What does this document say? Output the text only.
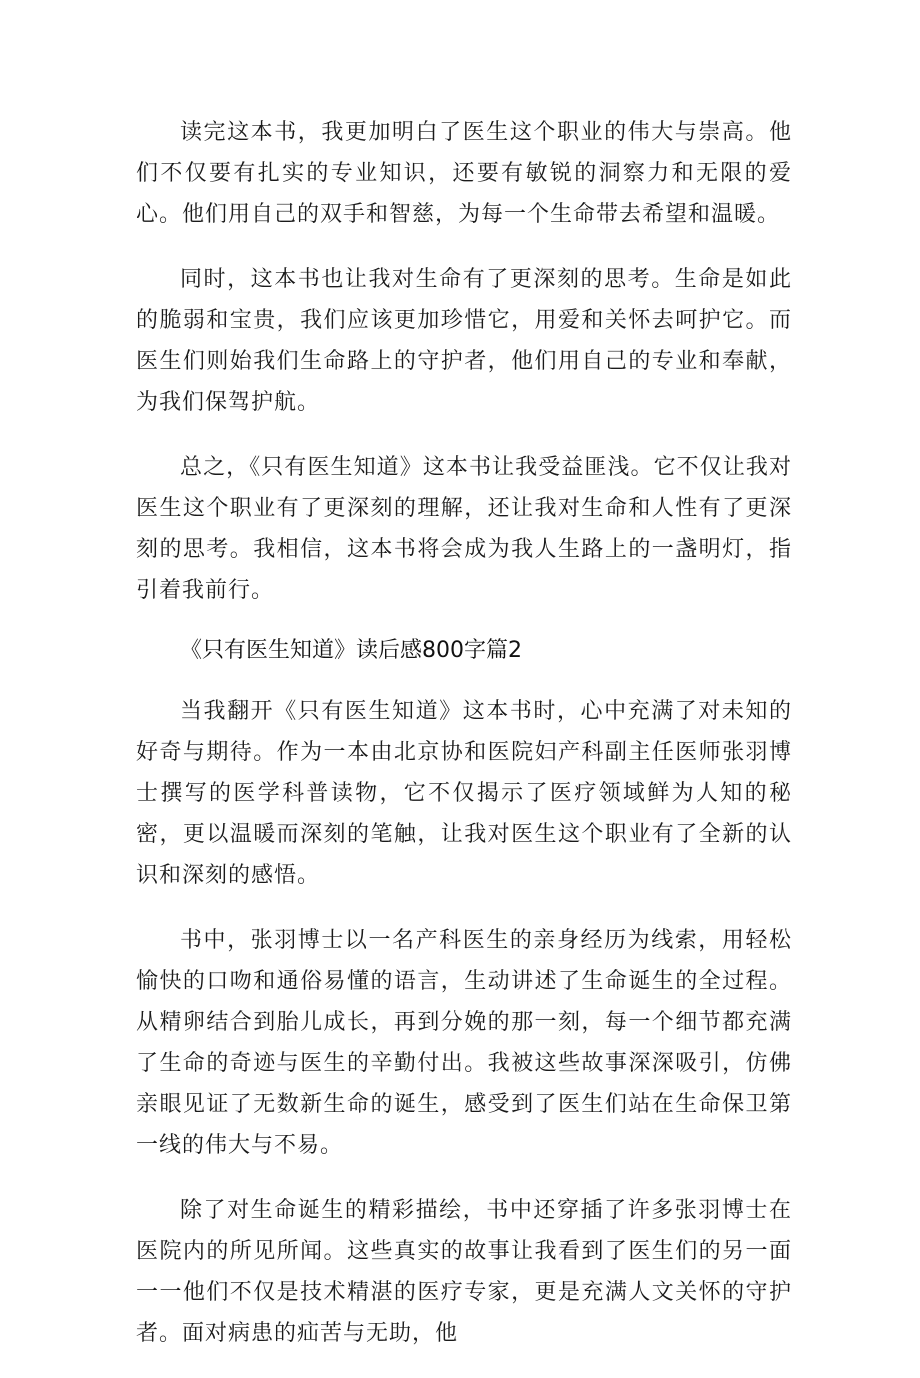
读完这本书，我更加明白了医生这个职业的伟大与崇高。他们不仅要有扎实的专业知识，还要有敏锐的洞察力和无限的爱心。他们用自己的双手和智慈，为每一个生命带去希望和温暖。

同时，这本书也让我对生命有了更深刻的思考。生命是如此的脆弱和宝贵，我们应该更加珍惜它，用爱和关怀去呵护它。而医生们则始我们生命路上的守护者，他们用自己的专业和奉献，为我们保驾护航。

总之，《只有医生知道》这本书让我受益匪浅。它不仅让我对医生这个职业有了更深刻的理解，还让我对生命和人性有了更深刻的思考。我相信，这本书将会成为我人生路上的一盏明灯，指引着我前行。

《只有医生知道》读后感800字篇2

当我翻开《只有医生知道》这本书时，心中充满了对未知的好奇与期待。作为一本由北京协和医院妇产科副主任医师张羽博士撰写的医学科普读物，它不仅揭示了医疗领域鲜为人知的秘密，更以温暖而深刻的笔触，让我对医生这个职业有了全新的认识和深刻的感悟。

书中，张羽博士以一名产科医生的亲身经历为线索，用轻松愉快的口吻和通俗易懂的语言，生动讲述了生命诞生的全过程。从精卵结合到胎儿成长，再到分娩的那一刻，每一个细节都充满了生命的奇迹与医生的辛勤付出。我被这些故事深深吸引，仿佛亲眼见证了无数新生命的诞生，感受到了医生们站在生命保卫第一线的伟大与不易。

除了对生命诞生的精彩描绘，书中还穿插了许多张羽博士在医院内的所见所闻。这些真实的故事让我看到了医生们的另一面一一他们不仅是技术精湛的医疗专家，更是充满人文关怀的守护者。面对病患的疝苦与无助，他
